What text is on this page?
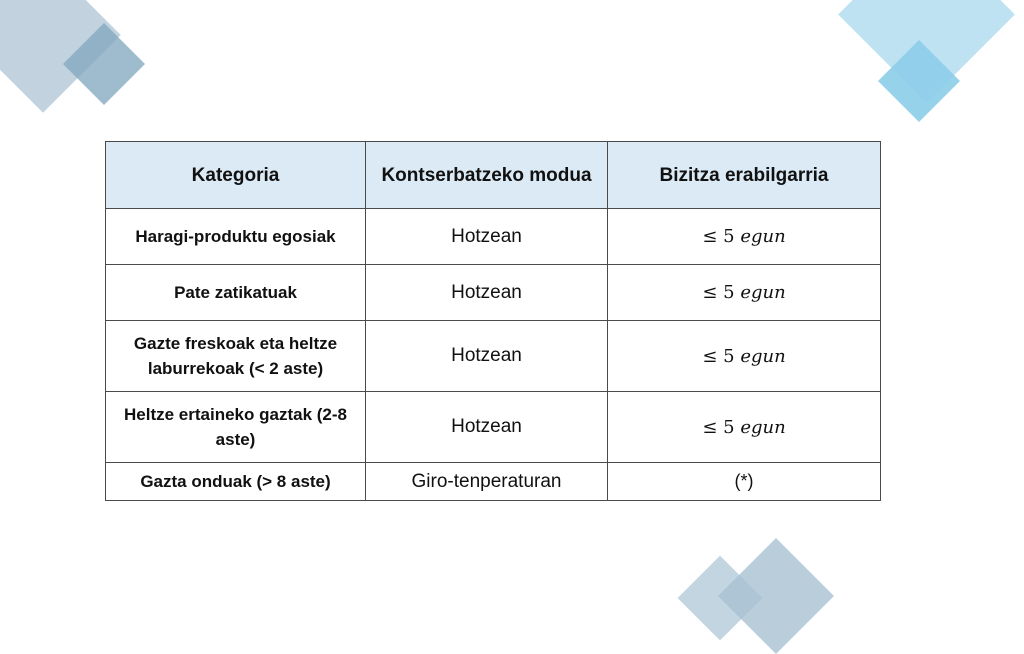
Kategoria	Kontserbatzeko modua	Bizitza erabilgarria
Haragi-produktu egosiak	Hotzean	≤ 5 egun
Pate zatikatuak	Hotzean	≤ 5 egun
Gazte freskoak eta heltze laburrekoak (< 2 aste)	Hotzean	≤ 5 egun
Heltze ertaineko gaztak (2-8 aste)	Hotzean	≤ 5 egun
Gazta onduak (> 8 aste)	Giro-tenperaturan	(*)
